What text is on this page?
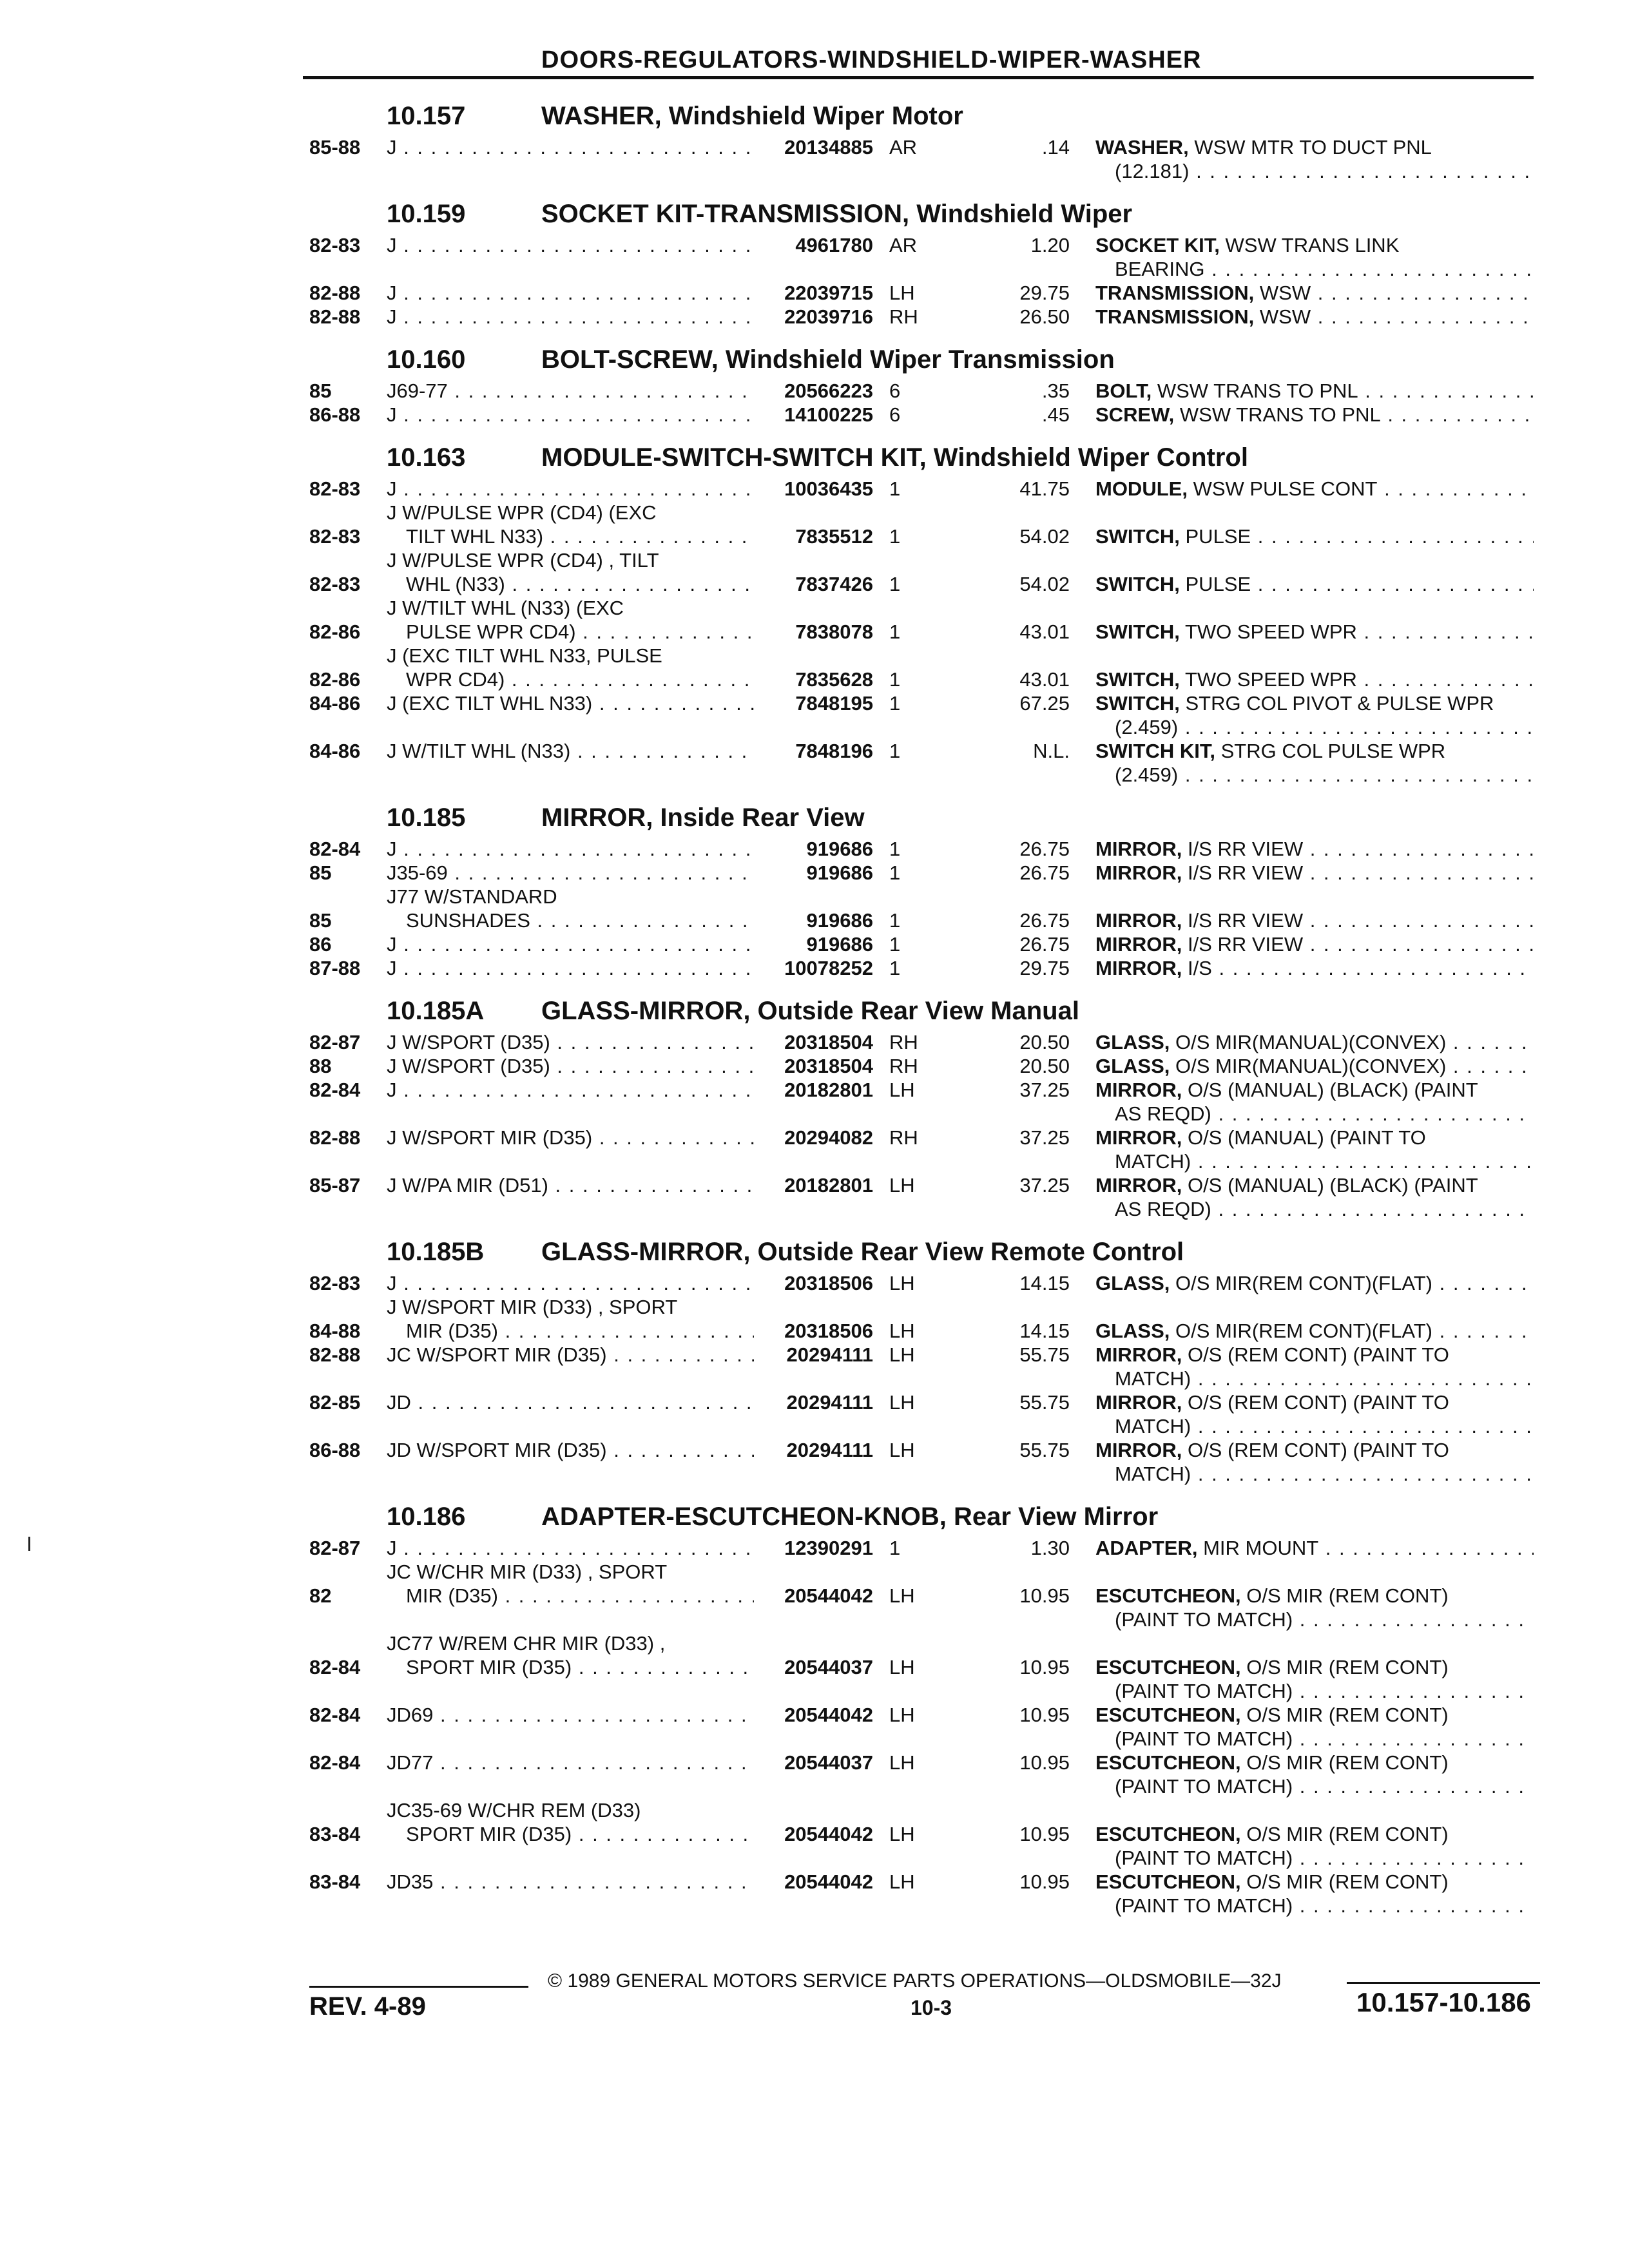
DOORS-REGULATORS-WINDSHIELD-WIPER-WASHER
10.157	WASHER, Windshield Wiper Motor
85-88 J . . .	20134885 AR	.14 WASHER, WSW MTR TO DUCT PNL
(12.181) . . .
10.159	SOCKET KIT-TRANSMISSION, Windshield Wiper
82-83 J . . .	4961780 AR	1.20 SOCKET KIT, WSW TRANS LINK
BEARING . . .
82-88 J . . .	22039715 LH	29.75 TRANSMISSION, WSW . . .
82-88 J . . .	22039716 RH	26.50 TRANSMISSION, WSW . . .
10.160	BOLT-SCREW, Windshield Wiper Transmission
85	J69-77 . . .	20566223 6	.35 BOLT, WSW TRANS TO PNL . . .
86-88 J . . .	14100225 6	.45 SCREW, WSW TRANS TO PNL . . .
10.163	MODULE-SWITCH-SWITCH KIT, Windshield Wiper Control
82-83 J . . .	10036435 1	41.75 MODULE, WSW PULSE CONT . . .
82-83
J W/PULSE WPR (CD4) (EXC
TILT WHL N33) . . .	7835512 1	54.02 SWITCH, PULSE . . .
82-83
J W/PULSE WPR (CD4) , TILT
WHL (N33) . . .	7837426 1	54.02 SWITCH, PULSE . . .
82-86
J W/TILT WHL (N33) (EXC
PULSE WPR CD4) . . .	7838078 1	43.01 SWITCH, TWO SPEED WPR . . .
82-86
J (EXC TILT WHL N33, PULSE
WPR CD4) . . .	7835628 1	43.01 SWITCH, TWO SPEED WPR . . .
84-86 J (EXC TILT WHL N33) . . .	7848195 1	67.25 SWITCH, STRG COL PIVOT & PULSE WPR
(2.459) . . .
84-86 J W/TILT WHL (N33) . . .	7848196 1	N.L. SWITCH KIT, STRG COL PULSE WPR
(2.459) . . .
10.185	MIRROR, Inside Rear View
82-84 J . . .	919686 1	26.75 MIRROR, I/S RR VIEW . . .
85	J35-69 . . .	919686 1	26.75 MIRROR, I/S RR VIEW . . .
85
J77 W/STANDARD
SUNSHADES . . .	919686 1	26.75 MIRROR, I/S RR VIEW . . .
86	J . . .	919686 1	26.75 MIRROR, I/S RR VIEW . . .
87-88 J . . .	10078252 1	29.75 MIRROR, I/S . . .
10.185A GLASS-MIRROR, Outside Rear View Manual
82-87 J W/SPORT (D35) . . .	20318504 RH	20.50 GLASS, O/S MIR(MANUAL)(CONVEX) . . .
88	J W/SPORT (D35) . . .	20318504 RH	20.50 GLASS, O/S MIR(MANUAL)(CONVEX) . . .
82-84 J . . .	20182801 LH	37.25 MIRROR, O/S (MANUAL) (BLACK) (PAINT
AS REQD) . . .
82-88 J W/SPORT MIR (D35) . . .	20294082 RH	37.25 MIRROR, O/S (MANUAL) (PAINT TO
MATCH) . . .
85-87 J W/PA MIR (D51) . . .	20182801 LH	37.25 MIRROR, O/S (MANUAL) (BLACK) (PAINT
AS REQD) . . .
10.185B GLASS-MIRROR, Outside Rear View Remote Control
82-83 J . . .	20318506 LH	14.15 GLASS, O/S MIR(REM CONT)(FLAT) . . .
84-88
J W/SPORT MIR (D33) , SPORT
MIR (D35) . . .	20318506 LH	14.15 GLASS, O/S MIR(REM CONT)(FLAT) . . .
82-88 JC W/SPORT MIR (D35) . . .	20294111 LH	55.75 MIRROR, O/S (REM CONT) (PAINT TO
MATCH) . . .
82-85 JD . . .	20294111 LH	55.75 MIRROR, O/S (REM CONT) (PAINT TO
MATCH) . . .
86-88 JD W/SPORT MIR (D35) . . .	20294111 LH	55.75 MIRROR, O/S (REM CONT) (PAINT TO
MATCH) . . .
10.186	ADAPTER-ESCUTCHEON-KNOB, Rear View Mirror
82-87 J . . .	12390291 1	1.30 ADAPTER, MIR MOUNT . . .
82
JC W/CHR MIR (D33) , SPORT
MIR (D35) . . .	20544042 LH	10.95 ESCUTCHEON, O/S MIR (REM CONT)
(PAINT TO MATCH) . . .
82-84
JC77 W/REM CHR MIR (D33) ,
SPORT MIR (D35) . . .	20544037 LH	10.95 ESCUTCHEON, O/S MIR (REM CONT)
(PAINT TO MATCH) . . .
82-84 JD69 . . .	20544042 LH	10.95 ESCUTCHEON, O/S MIR (REM CONT)
(PAINT TO MATCH) . . .
82-84 JD77 . . .	20544037 LH	10.95 ESCUTCHEON, O/S MIR (REM CONT)
(PAINT TO MATCH) . . .
83-84
JC35-69 W/CHR REM (D33)
SPORT MIR (D35) . . .	20544042 LH	10.95 ESCUTCHEON, O/S MIR (REM CONT)
(PAINT TO MATCH) . . .
83-84 JD35 . . .	20544042 LH	10.95 ESCUTCHEON, O/S MIR (REM CONT)
(PAINT TO MATCH) . . .
© 1989 GENERAL MOTORS SERVICE PARTS OPERATIONS—OLDSMOBILE—32J
REV. 4-89	10-3	10.157-10.186
